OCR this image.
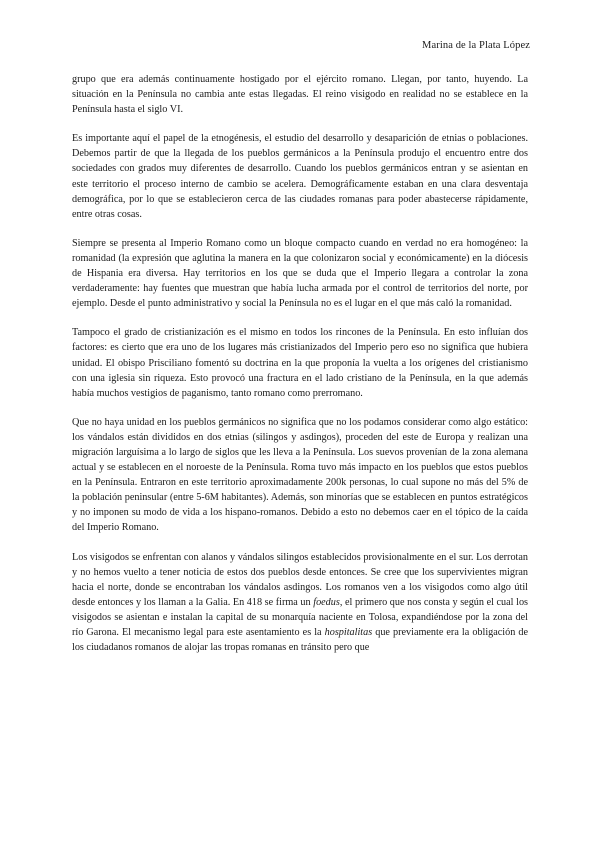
Marina de la Plata López

grupo que era además continuamente hostigado por el ejército romano. Llegan, por tanto, huyendo. La situación en la Península no cambia ante estas llegadas. El reino visigodo en realidad no se establece en la Península hasta el siglo VI.

Es importante aquí el papel de la etnogénesis, el estudio del desarrollo y desaparición de etnias o poblaciones. Debemos partir de que la llegada de los pueblos germánicos a la Península produjo el encuentro entre dos sociedades con grados muy diferentes de desarrollo. Cuando los pueblos germánicos entran y se asientan en este territorio el proceso interno de cambio se acelera. Demográficamente estaban en una clara desventaja demográfica, por lo que se establecieron cerca de las ciudades romanas para poder abastecerse rápidamente, entre otras cosas.

Siempre se presenta al Imperio Romano como un bloque compacto cuando en verdad no era homogéneo: la romanidad (la expresión que aglutina la manera en la que colonizaron social y económicamente) en la diócesis de Hispania era diversa. Hay territorios en los que se duda que el Imperio llegara a controlar la zona verdaderamente: hay fuentes que muestran que había lucha armada por el control de territorios del norte, por ejemplo. Desde el punto administrativo y social la Península no es el lugar en el que más caló la romanidad.

Tampoco el grado de cristianización es el mismo en todos los rincones de la Península. En esto influían dos factores: es cierto que era uno de los lugares más cristianizados del Imperio pero eso no significa que hubiera unidad. El obispo Prisciliano fomentó su doctrina en la que proponía la vuelta a los orígenes del cristianismo con una iglesia sin riqueza. Esto provocó una fractura en el lado cristiano de la Península, en la que además había muchos vestigios de paganismo, tanto romano como prerromano.

Que no haya unidad en los pueblos germánicos no significa que no los podamos considerar como algo estático: los vándalos están divididos en dos etnias (silingos y asdingos), proceden del este de Europa y realizan una migración larguísima a lo largo de siglos que les lleva a la Península. Los suevos provenían de la zona alemana actual y se establecen en el noroeste de la Península. Roma tuvo más impacto en los pueblos que estos pueblos en la Península. Entraron en este territorio aproximadamente 200k personas, lo cual supone no más del 5% de la población peninsular (entre 5-6M habitantes). Además, son minorías que se establecen en puntos estratégicos y no imponen su modo de vida a los hispano-romanos. Debido a esto no debemos caer en el tópico de la caída del Imperio Romano.

Los visigodos se enfrentan con alanos y vándalos silingos establecidos provisionalmente en el sur. Los derrotan y no hemos vuelto a tener noticia de estos dos pueblos desde entonces. Se cree que los supervivientes migran hacia el norte, donde se encontraban los vándalos asdingos. Los romanos ven a los visigodos como algo útil desde entonces y los llaman a la Galia. En 418 se firma un foedus, el primero que nos consta y según el cual los visigodos se asientan e instalan la capital de su monarquía naciente en Tolosa, expandiéndose por la zona del río Garona. El mecanismo legal para este asentamiento es la hospitalitas que previamente era la obligación de los ciudadanos romanos de alojar las tropas romanas en tránsito pero que
